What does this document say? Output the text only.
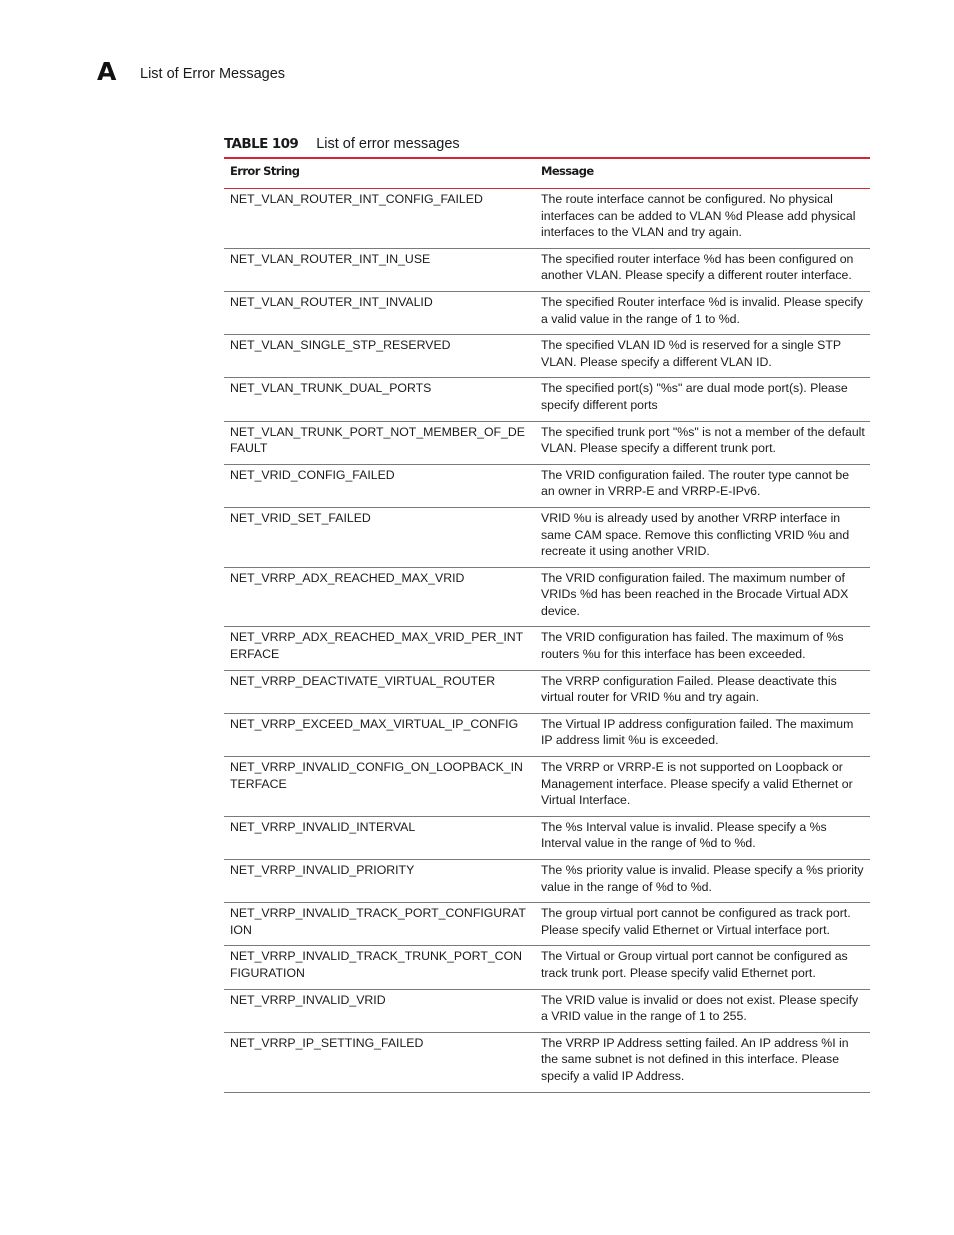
A List of Error Messages
TABLE 109 List of error messages
Error String	Message
NET_VLAN_ROUTER_INT_CONFIG_FAILED	The route interface cannot be configured. No physical interfaces can be added to VLAN %d Please add physical interfaces to the VLAN and try again.
NET_VLAN_ROUTER_INT_IN_USE	The specified router interface %d has been configured on another VLAN. Please specify a different router interface.
NET_VLAN_ROUTER_INT_INVALID	The specified Router interface %d is invalid. Please specify a valid value in the range of 1 to %d.
NET_VLAN_SINGLE_STP_RESERVED	The specified VLAN ID %d is reserved for a single STP VLAN. Please specify a different VLAN ID.
NET_VLAN_TRUNK_DUAL_PORTS	The specified port(s) "%s" are dual mode port(s). Please specify different ports
NET_VLAN_TRUNK_PORT_NOT_MEMBER_OF_DEFAULT	The specified trunk port "%s" is not a member of the default VLAN. Please specify a different trunk port.
NET_VRID_CONFIG_FAILED	The VRID configuration failed. The router type cannot be an owner in VRRP-E and VRRP-E-IPv6.
NET_VRID_SET_FAILED	VRID %u is already used by another VRRP interface in same CAM space. Remove this conflicting VRID %u and recreate it using another VRID.
NET_VRRP_ADX_REACHED_MAX_VRID	The VRID configuration failed. The maximum number of VRIDs %d has been reached in the Brocade Virtual ADX device.
NET_VRRP_ADX_REACHED_MAX_VRID_PER_INTERFACE	The VRID configuration has failed. The maximum of %s routers %u for this interface has been exceeded.
NET_VRRP_DEACTIVATE_VIRTUAL_ROUTER	The VRRP configuration Failed. Please deactivate this virtual router for VRID %u and try again.
NET_VRRP_EXCEED_MAX_VIRTUAL_IP_CONFIG	The Virtual IP address configuration failed. The maximum IP address limit %u is exceeded.
NET_VRRP_INVALID_CONFIG_ON_LOOPBACK_INTERFACE	The VRRP or VRRP-E is not supported on Loopback or Management interface. Please specify a valid Ethernet or Virtual Interface.
NET_VRRP_INVALID_INTERVAL	The %s Interval value is invalid. Please specify a %s Interval value in the range of %d to %d.
NET_VRRP_INVALID_PRIORITY	The %s priority value is invalid. Please specify a %s priority value in the range of %d to %d.
NET_VRRP_INVALID_TRACK_PORT_CONFIGURATION	The group virtual port cannot be configured as track port. Please specify valid Ethernet or Virtual interface port.
NET_VRRP_INVALID_TRACK_TRUNK_PORT_CONFIGURATION	The Virtual or Group virtual port cannot be configured as track trunk port. Please specify valid Ethernet port.
NET_VRRP_INVALID_VRID	The VRID value is invalid or does not exist. Please specify a VRID value in the range of 1 to 255.
NET_VRRP_IP_SETTING_FAILED	The VRRP IP Address setting failed. An IP address %I in the same subnet is not defined in this interface. Please specify a valid IP Address.
